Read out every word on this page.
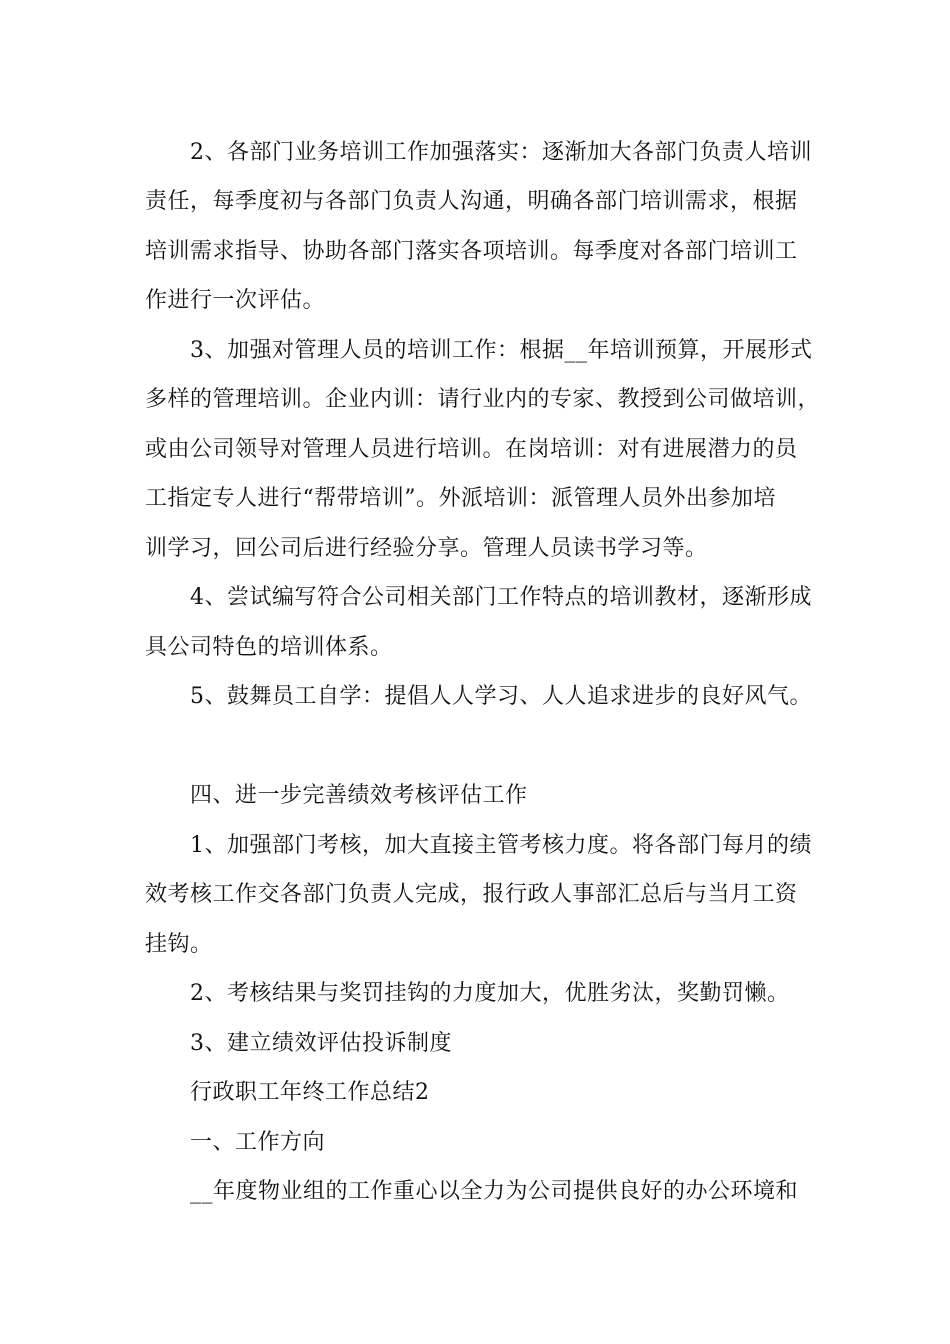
2、各部门业务培训工作加强落实：逐渐加大各部门负责人培训
责任，每季度初与各部门负责人沟通，明确各部门培训需求，根据
培训需求指导、协助各部门落实各项培训。每季度对各部门培训工
作进行一次评估。
3、加强对管理人员的培训工作：根据__年培训预算，开展形式
多样的管理培训。企业内训：请行业内的专家、教授到公司做培训，
或由公司领导对管理人员进行培训。在岗培训：对有进展潜力的员
工指定专人进行“帮带培训”。外派培训：派管理人员外出参加培
训学习，回公司后进行经验分享。管理人员读书学习等。
4、尝试编写符合公司相关部门工作特点的培训教材，逐渐形成
具公司特色的培训体系。
5、鼓舞员工自学：提倡人人学习、人人追求进步的良好风气。
四、进一步完善绩效考核评估工作
1、加强部门考核，加大直接主管考核力度。将各部门每月的绩
效考核工作交各部门负责人完成，报行政人事部汇总后与当月工资
挂钩。
2、考核结果与奖罚挂钩的力度加大，优胜劣汰，奖勤罚懒。
3、建立绩效评估投诉制度
行政职工年终工作总结2
一、工作方向
__年度物业组的工作重心以全力为公司提供良好的办公环境和
